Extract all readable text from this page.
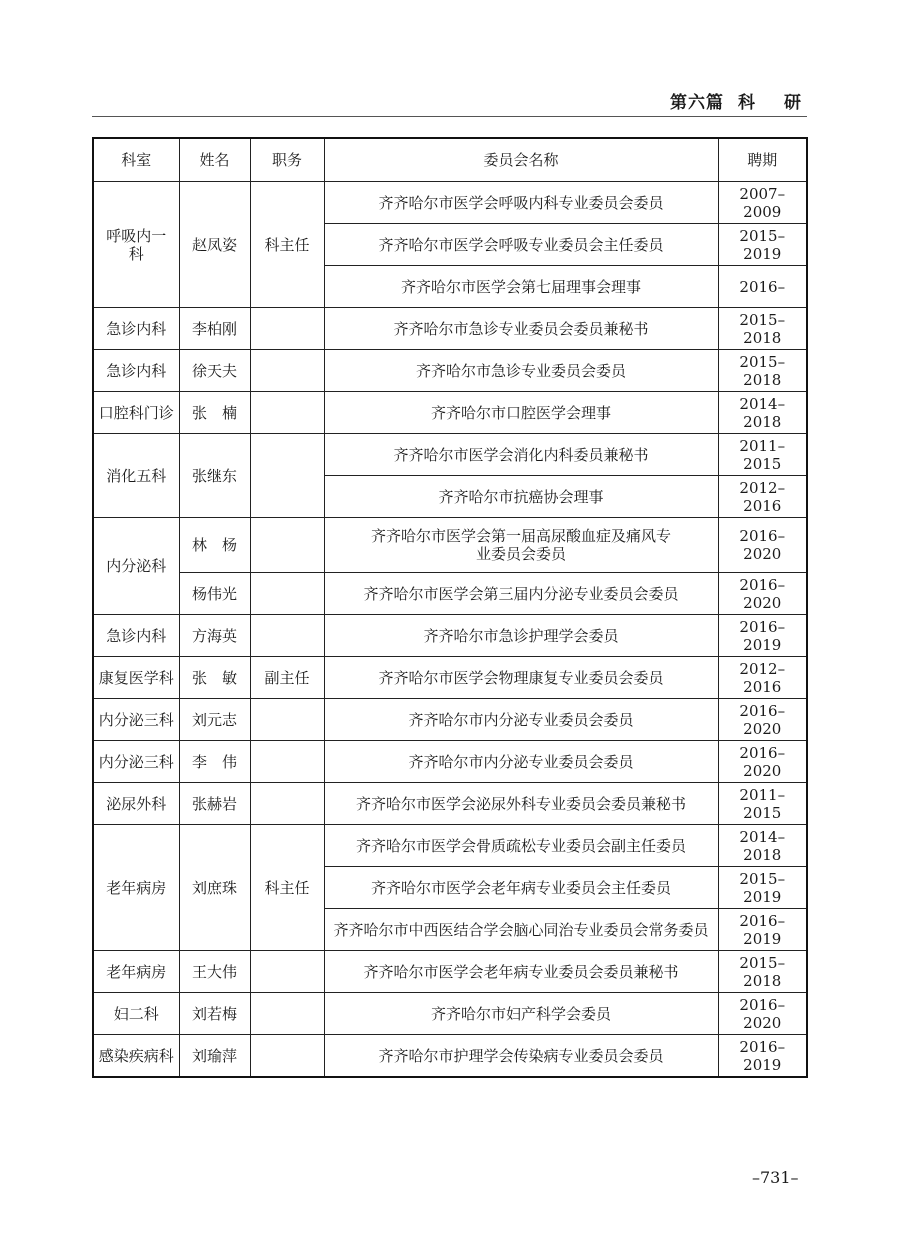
第六篇 科 研
科室	姓名	职务	委员会名称	聘期
呼吸内一科	赵凤姿	科主任	齐齐哈尔市医学会呼吸内科专业委员会委员	2007–2009
			齐齐哈尔市医学会呼吸专业委员会主任委员	2015–2019
			齐齐哈尔市医学会第七届理事会理事	2016–
急诊内科	李柏刚		齐齐哈尔市急诊专业委员会委员兼秘书	2015–2018
急诊内科	徐天夫		齐齐哈尔市急诊专业委员会委员	2015–2018
口腔科门诊	张　楠		齐齐哈尔市口腔医学会理事	2014–2018
消化五科	张继东		齐齐哈尔市医学会消化内科委员兼秘书	2011–2015
			齐齐哈尔市抗癌协会理事	2012–2016
内分泌科	林　杨		齐齐哈尔市医学会第一届高尿酸血症及痛风专业委员会委员	2016–2020
	杨伟光		齐齐哈尔市医学会第三届内分泌专业委员会委员	2016–2020
急诊内科	方海英		齐齐哈尔市急诊护理学会委员	2016–2019
康复医学科	张　敏	副主任	齐齐哈尔市医学会物理康复专业委员会委员	2012–2016
内分泌三科	刘元志		齐齐哈尔市内分泌专业委员会委员	2016–2020
内分泌三科	李　伟		齐齐哈尔市内分泌专业委员会委员	2016–2020
泌尿外科	张赫岩		齐齐哈尔市医学会泌尿外科专业委员会委员兼秘书	2011–2015
老年病房	刘庶珠	科主任	齐齐哈尔市医学会骨质疏松专业委员会副主任委员	2014–2018
			齐齐哈尔市医学会老年病专业委员会主任委员	2015–2019
			齐齐哈尔市中西医结合学会脑心同治专业委员会常务委员	2016–2019
老年病房	王大伟		齐齐哈尔市医学会老年病专业委员会委员兼秘书	2015–2018
妇二科	刘若梅		齐齐哈尔市妇产科学会委员	2016–2020
感染疾病科	刘瑜萍		齐齐哈尔市护理学会传染病专业委员会委员	2016–2019
–731–
